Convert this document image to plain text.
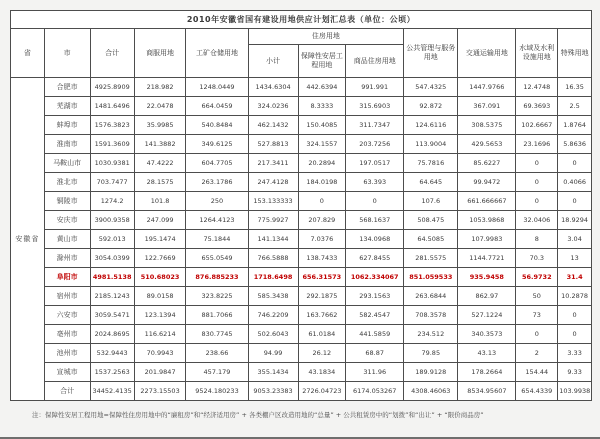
2010年安徽省国有建设用地供应计划汇总表（单位：公顷）
省	市	合计	商服用地	工矿仓储用地	住房用地			公共管理与服务用地	交通运输用地	水域及水利设施用地	特殊用地
					小计	保障性安居工程用地	商品住房用地				
安徽省	合肥市	4925.8909	218.982	1248.0449	1434.6304	442.6394	991.991	547.4325	1447.9766	12.4748	16.35
	芜湖市	1481.6496	22.0478	664.0459	324.0236	8.3333	315.6903	92.872	367.091	69.3693	2.5
	蚌埠市	1576.3823	35.9985	540.8484	462.1432	150.4085	311.7347	124.6116	308.5375	102.6667	1.8764
	淮南市	1591.3609	141.3882	349.6125	527.8813	324.1557	203.7256	113.9004	429.5653	23.1696	5.8636
	马鞍山市	1030.9381	47.4222	604.7705	217.3411	20.2894	197.0517	75.7816	85.6227	0	0
	淮北市	703.7477	28.1575	263.1786	247.4128	184.0198	63.393	64.645	99.9472	0	0.4066
	铜陵市	1274.2	101.8	250	153.133333	0	0	107.6	661.666667	0	0
	安庆市	3900.9358	247.099	1264.4123	775.9927	207.829	568.1637	508.475	1053.9868	32.0406	18.9294
	黄山市	592.013	195.1474	75.1844	141.1344	7.0376	134.0968	64.5085	107.9983	8	3.04
	滁州市	3054.0399	122.7669	655.0549	766.5888	138.7433	627.8455	281.5575	1144.7721	70.3	13
	阜阳市	4981.5138	510.68023	876.885233	1718.6498	656.31573	1062.334067	851.059533	935.9458	56.9732	31.4
	宿州市	2185.1243	89.0158	323.8225	585.3438	292.1875	293.1563	263.6844	862.97	50	10.2878
	六安市	3059.5471	123.1394	881.7066	746.2209	163.7662	582.4547	708.3578	527.1224	73	0
	亳州市	2024.8695	116.6214	830.7745	502.6043	61.0184	441.5859	234.512	340.3573	0	0
	池州市	532.9443	70.9943	238.66	94.99	26.12	68.87	79.85	43.13	2	3.33
	宣城市	1537.2563	201.9847	457.179	355.1434	43.1834	311.96	189.9128	178.2664	154.44	9.33
	合计	34452.4135	2273.15503	9524.180233	9053.23383	2726.04723	6174.053267	4308.46063	8534.95607	654.4339	103.9938
注：保障性安居工程用地=保障性住房用地中的“廉租房”和“经济适用房” + 各类棚户区改造用地的“总量” + 公共租赁房中的“划拨”和“出让” + “限价商品房”
